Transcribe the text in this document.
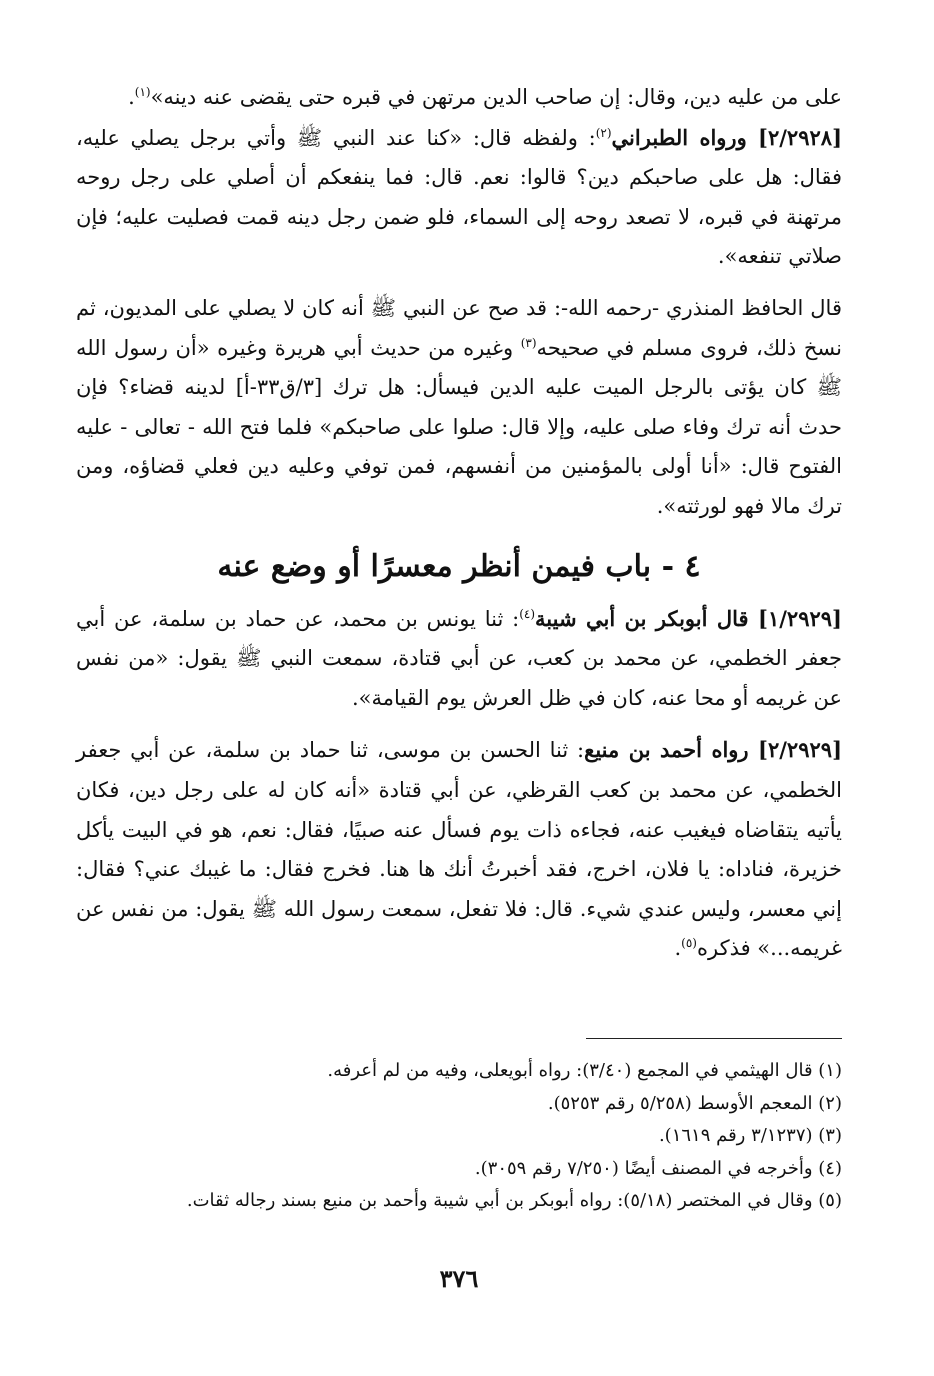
على من عليه دين، وقال: إن صاحب الدين مرتهن في قبره حتى يقضى عنه دينه»$^{(١)}$.

[٢/٢٩٢٨] ورواه الطبراني$^{(٢)}$: ولفظه قال: «كنا عند النبي ﷺ وأتي برجل يصلي عليه، فقال: هل على صاحبكم دين؟ قالوا: نعم. قال: فما ينفعكم أن أصلي على رجل روحه مرتهنة في قبره، لا تصعد روحه إلى السماء، فلو ضمن رجل دينه قمت فصليت عليه؛ فإن صلاتي تنفعه».

قال الحافظ المنذري -رحمه الله-: قد صح عن النبي ﷺ أنه كان لا يصلي على المديون، ثم نسخ ذلك، فروى مسلم في صحيحه$^{(٣)}$ وغيره من حديث أبي هريرة وغيره «أن رسول الله ﷺ كان يؤتى بالرجل الميت عليه الدين فيسأل: هل ترك [٣/ق٣٣-أ] لدينه قضاء؟ فإن حدث أنه ترك وفاء صلى عليه، وإلا قال: صلوا على صاحبكم» فلما فتح الله - تعالى - عليه الفتوح قال: «أنا أولى بالمؤمنين من أنفسهم، فمن توفي وعليه دين فعلي قضاؤه، ومن ترك مالا فهو لورثته».

٤ - باب فيمن أنظر معسرًا أو وضع عنه

[١/٢٩٢٩] قال أبوبكر بن أبي شيبة$^{(٤)}$: ثنا يونس بن محمد، عن حماد بن سلمة، عن أبي جعفر الخطمي، عن محمد بن كعب، عن أبي قتادة، سمعت النبي ﷺ يقول: «من نفس عن غريمه أو محا عنه، كان في ظل العرش يوم القيامة».

[٢/٢٩٢٩] رواه أحمد بن منيع: ثنا الحسن بن موسى، ثنا حماد بن سلمة، عن أبي جعفر الخطمي، عن محمد بن كعب القرظي، عن أبي قتادة «أنه كان له على رجل دين، فكان يأتيه يتقاضاه فيغيب عنه، فجاءه ذات يوم فسأل عنه صبيًا، فقال: نعم، هو في البيت يأكل خزيرة، فناداه: يا فلان، اخرج، فقد أخبرتُ أنك ها هنا. فخرج فقال: ما غيبك عني؟ فقال: إني معسر، وليس عندي شيء. قال: فلا تفعل، سمعت رسول الله ﷺ يقول: من نفس عن غريمه...» فذكره$^{(٥)}$.

(١) قال الهيثمي في المجمع (٣/٤٠): رواه أبويعلى، وفيه من لم أعرفه.

(٢) المعجم الأوسط (٥/٢٥٨ رقم ٥٢٥٣).

(٣) (٣/١٢٣٧ رقم ١٦١٩).

(٤) وأخرجه في المصنف أيضًا (٧/٢٥٠ رقم ٣٠٥٩).

(٥) وقال في المختصر (٥/١٨): رواه أبوبكر بن أبي شيبة وأحمد بن منيع بسند رجاله ثقات.

٣٧٦
